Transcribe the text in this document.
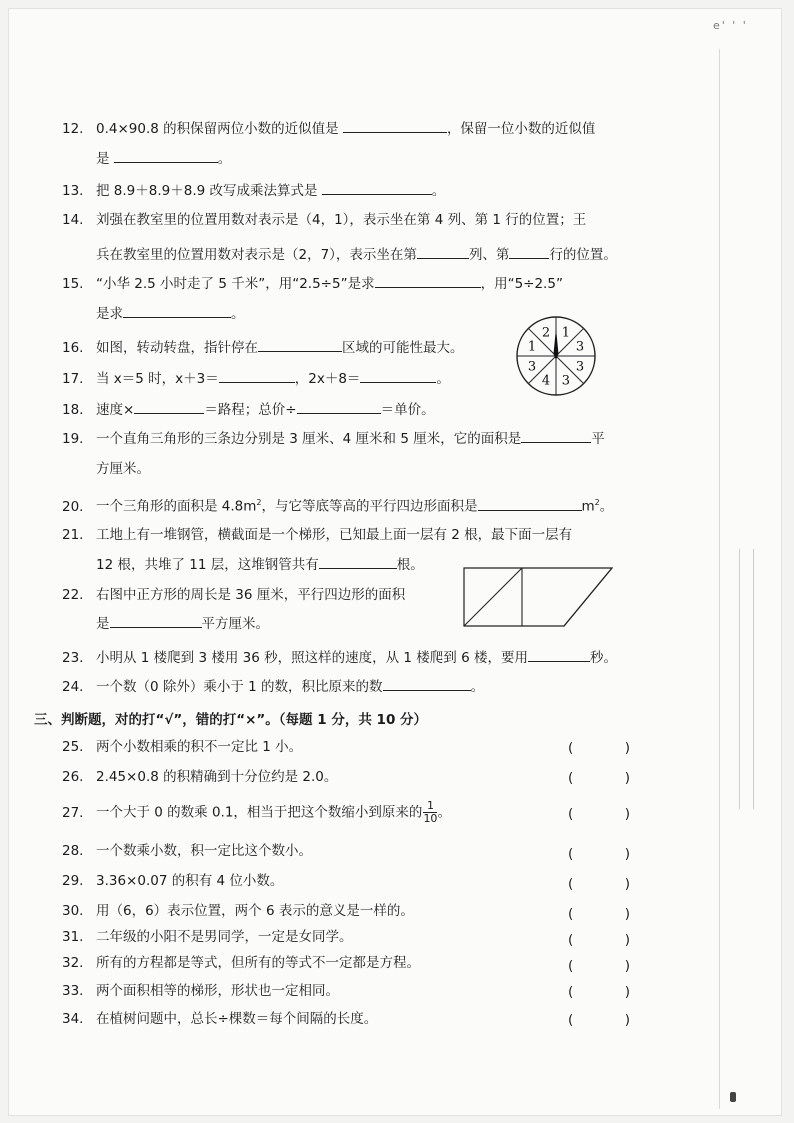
e' ' '
12. 0.4×90.8 的积保留两位小数的近似值是	，保留一位小数的近似值
是	。
13. 把 8.9＋8.9＋8.9 改写成乘法算式是	。
14. 刘强在教室里的位置用数对表示是（4，1），表示坐在第 4 列、第 1 行的位置；王
兵在教室里的位置用数对表示是（2，7），表示坐在第	列、第	行的位置。
15. “小华 2.5 小时走了 5 千米”，用“2.5÷5”是求	，用“5÷2.5”
是求	。
16. 如图，转动转盘，指针停在	区域的可能性最大。
1
3
3
3
4
3
1
2
17. 当 x＝5 时，x＋3＝	，2x＋8＝	。
18. 速度×	＝路程；总价÷	＝单价。
19. 一个直角三角形的三条边分别是 3 厘米、4 厘米和 5 厘米，它的面积是	平
方厘米。
20. 一个三角形的面积是 $4.8m^2$，与它等底等高的平行四边形面积是	$m^2$。
21. 工地上有一堆钢管，横截面是一个梯形，已知最上面一层有 2 根，最下面一层有
12 根，共堆了 11 层，这堆钢管共有	根。
22. 右图中正方形的周长是 36 厘米，平行四边形的面积
是	平方厘米。
23. 小明从 1 楼爬到 3 楼用 36 秒，照这样的速度，从 1 楼爬到 6 楼，要用	秒。
24. 一个数（0 除外）乘小于 1 的数，积比原来的数	。
三、判断题，对的打“√”，错的打“×”。（每题 1 分，共 10 分）
25. 两个小数相乘的积不一定比 1 小。	(	)
26. 2.45×0.8 的积精确到十分位约是 2.0。	(	)
27. 一个大于 0 的数乘 0.1，相当于把这个数缩小到原来的 $\frac{1}{10}$ 。	(	)
28. 一个数乘小数，积一定比这个数小。	(	)
29. 3.36×0.07 的积有 4 位小数。	(	)
30. 用（6，6）表示位置，两个 6 表示的意义是一样的。	(	)
31. 二年级的小阳不是男同学，一定是女同学。	(	)
32. 所有的方程都是等式，但所有的等式不一定都是方程。	(	)
33. 两个面积相等的梯形，形状也一定相同。	(	)
34. 在植树问题中，总长÷棵数＝每个间隔的长度。	(	)
